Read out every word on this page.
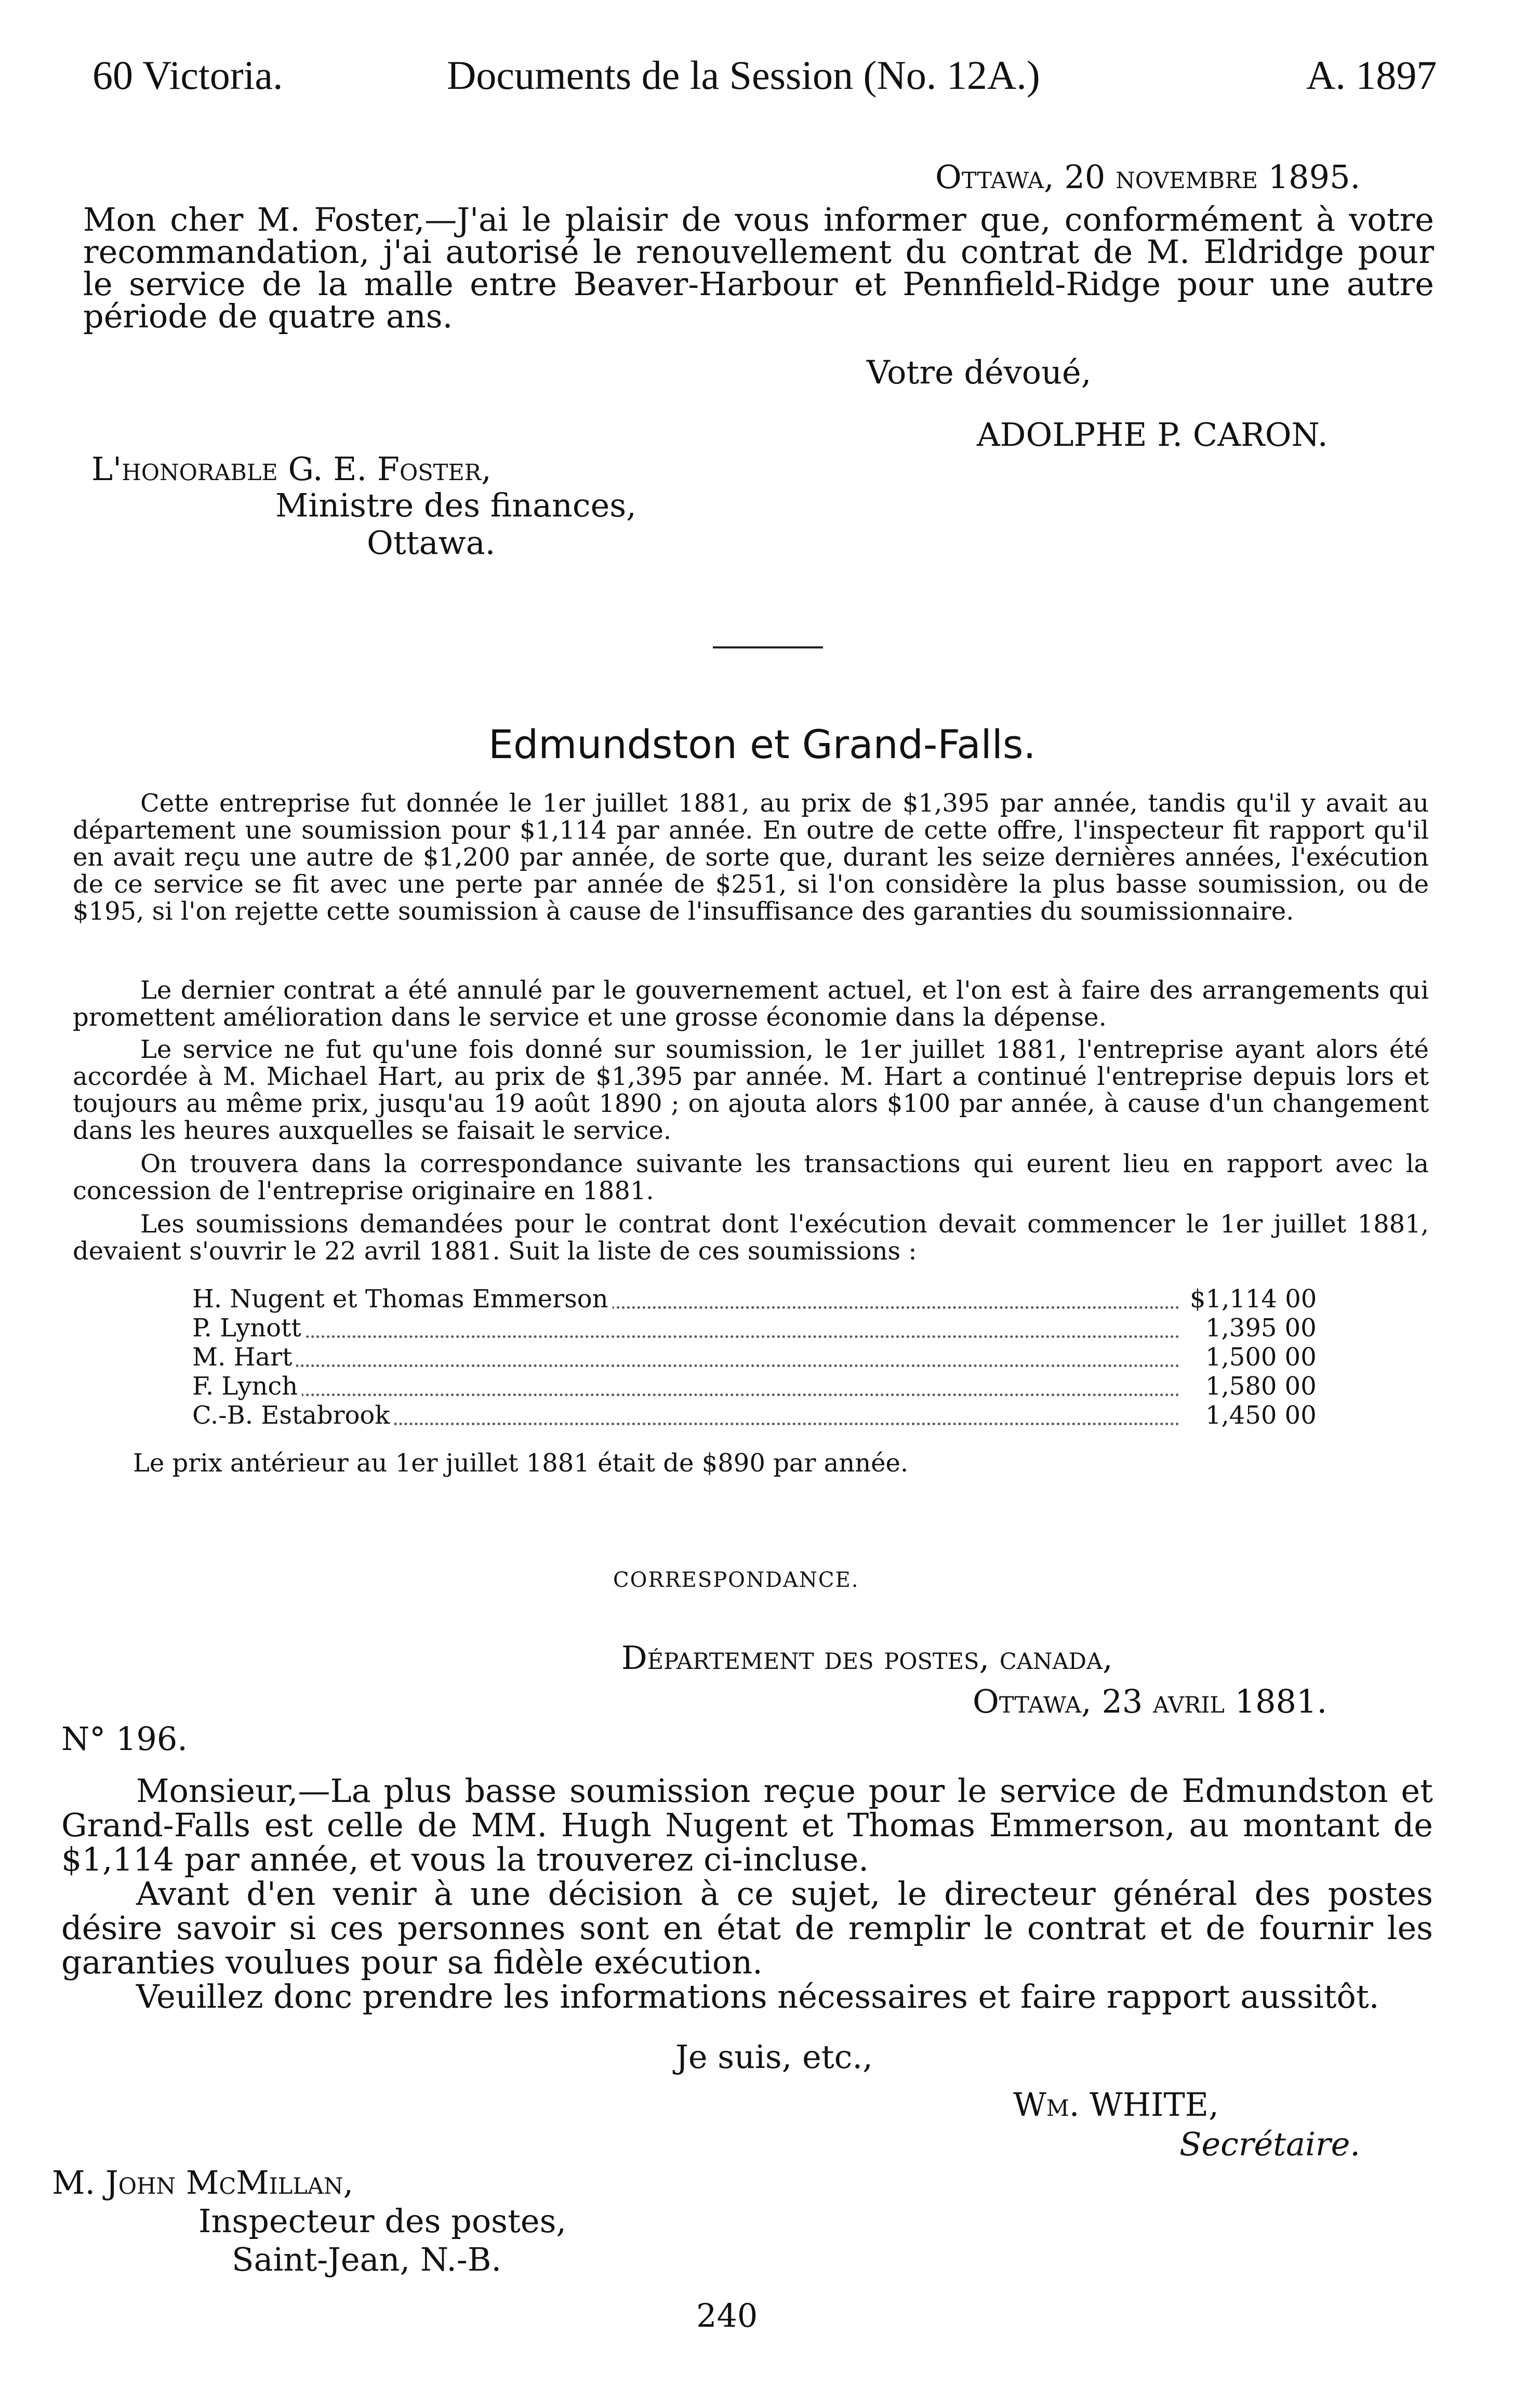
60 Victoria.	Documents de la Session (No. 12A.)	A. 1897
Ottawa, 20 novembre 1895.
Mon cher M. Foster,—J'ai le plaisir de vous informer que, conformément à votre recommandation, j'ai autorisé le renouvellement du contrat de M. Eldridge pour le service de la malle entre Beaver-Harbour et Pennfield-Ridge pour une autre période de quatre ans.
Votre dévoué,
ADOLPHE P. CARON.
L'honorable G. E. Foster,
Ministre des finances,
Ottawa.
Edmundston et Grand-Falls.
Cette entreprise fut donnée le 1er juillet 1881, au prix de $1,395 par année, tandis qu'il y avait au département une soumission pour $1,114 par année. En outre de cette offre, l'inspecteur fit rapport qu'il en avait reçu une autre de $1,200 par année, de sorte que, durant les seize dernières années, l'exécution de ce service se fit avec une perte par année de $251, si l'on considère la plus basse soumission, ou de $195, si l'on rejette cette soumission à cause de l'insuffisance des garanties du soumissionnaire.
Le dernier contrat a été annulé par le gouvernement actuel, et l'on est à faire des arrangements qui promettent amélioration dans le service et une grosse économie dans la dépense.
Le service ne fut qu'une fois donné sur soumission, le 1er juillet 1881, l'entreprise ayant alors été accordée à M. Michael Hart, au prix de $1,395 par année. M. Hart a continué l'entreprise depuis lors et toujours au même prix, jusqu'au 19 août 1890 ; on ajouta alors $100 par année, à cause d'un changement dans les heures auxquelles se faisait le service.
On trouvera dans la correspondance suivante les transactions qui eurent lieu en rapport avec la concession de l'entreprise originaire en 1881.
Les soumissions demandées pour le contrat dont l'exécution devait commencer le 1er juillet 1881, devaient s'ouvrir le 22 avril 1881. Suit la liste de ces soumissions :
H. Nugent et Thomas Emmerson	$1,114 00
P. Lynott	1,395 00
M. Hart	1,500 00
F. Lynch	1,580 00
C.-B. Estabrook	1,450 00
Le prix antérieur au 1er juillet 1881 était de $890 par année.
CORRESPONDANCE.
Département des postes, canada,
Ottawa, 23 avril 1881.
N° 196.
Monsieur,—La plus basse soumission reçue pour le service de Edmundston et Grand-Falls est celle de MM. Hugh Nugent et Thomas Emmerson, au montant de $1,114 par année, et vous la trouverez ci-incluse.
Avant d'en venir à une décision à ce sujet, le directeur général des postes désire savoir si ces personnes sont en état de remplir le contrat et de fournir les garanties voulues pour sa fidèle exécution.
Veuillez donc prendre les informations nécessaires et faire rapport aussitôt.
Je suis, etc.,
Wm. WHITE,
Secrétaire.
M. John McMillan,
Inspecteur des postes,
Saint-Jean, N.-B.
240
